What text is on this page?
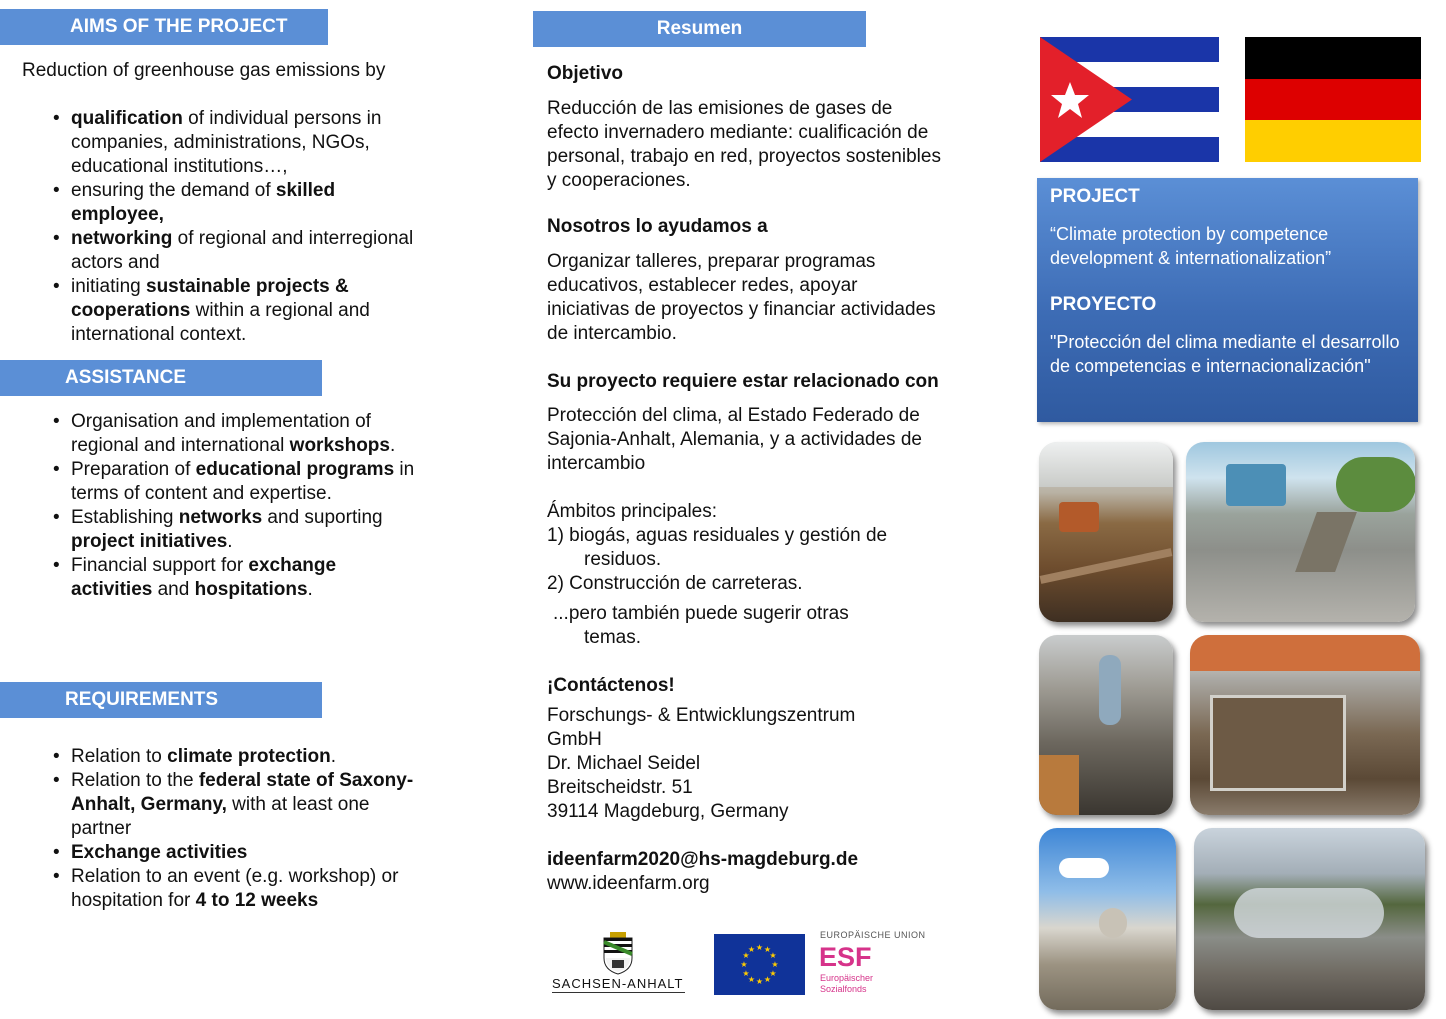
AIMS OF THE PROJECT
Reduction of greenhouse gas emissions by
• qualification of individual persons in companies, administrations, NGOs, educational institutions…,
• ensuring the demand of skilled employee,
• networking of regional and interregional actors and
• initiating sustainable projects & cooperations within a regional and international context.
ASSISTANCE
• Organisation and implementation of regional and international workshops.
• Preparation of educational programs in terms of content and expertise.
• Establishing networks and suporting project initiatives.
• Financial support for exchange activities and hospitations.
REQUIREMENTS
• Relation to climate protection.
• Relation to the federal state of Saxony-Anhalt, Germany, with at least one partner
• Exchange activities
• Relation to an event (e.g. workshop) or hospitation for 4 to 12 weeks
Resumen

Objetivo

Reducción de las emisiones de gases de efecto invernadero mediante: cualificación de personal, trabajo en red, proyectos sostenibles y cooperaciones.

Nosotros lo ayudamos a

Organizar talleres, preparar programas educativos, establecer redes, apoyar iniciativas de proyectos y financiar actividades de intercambio.

Su proyecto requiere estar relacionado con

Protección del clima, al Estado Federado de Sajonia-Anhalt, Alemania, y a actividades de intercambio

Ámbitos principales:

1) biogás, aguas residuales y gestión de

residuos.

2) Construcción de carreteras.

...pero también puede sugerir otras

temas.

¡Contáctenos!

Forschungs- & Entwicklungszentrum

GmbH

Dr. Michael Seidel

Breitscheidstr. 51

39114 Magdeburg, Germany

ideenfarm2020@hs-magdeburg.de

www.ideenfarm.org

SACHSEN-ANHALT
★ ★
★
★
★
★
★
★
★
★
★
★
EUROPÄISCHE UNION
ESF
Europäischer
Sozialfonds
PROJECT
“Climate protection by competence development & internationalization”
PROYECTO
"Protección del clima mediante el desarrollo de competencias e internacionalización"
